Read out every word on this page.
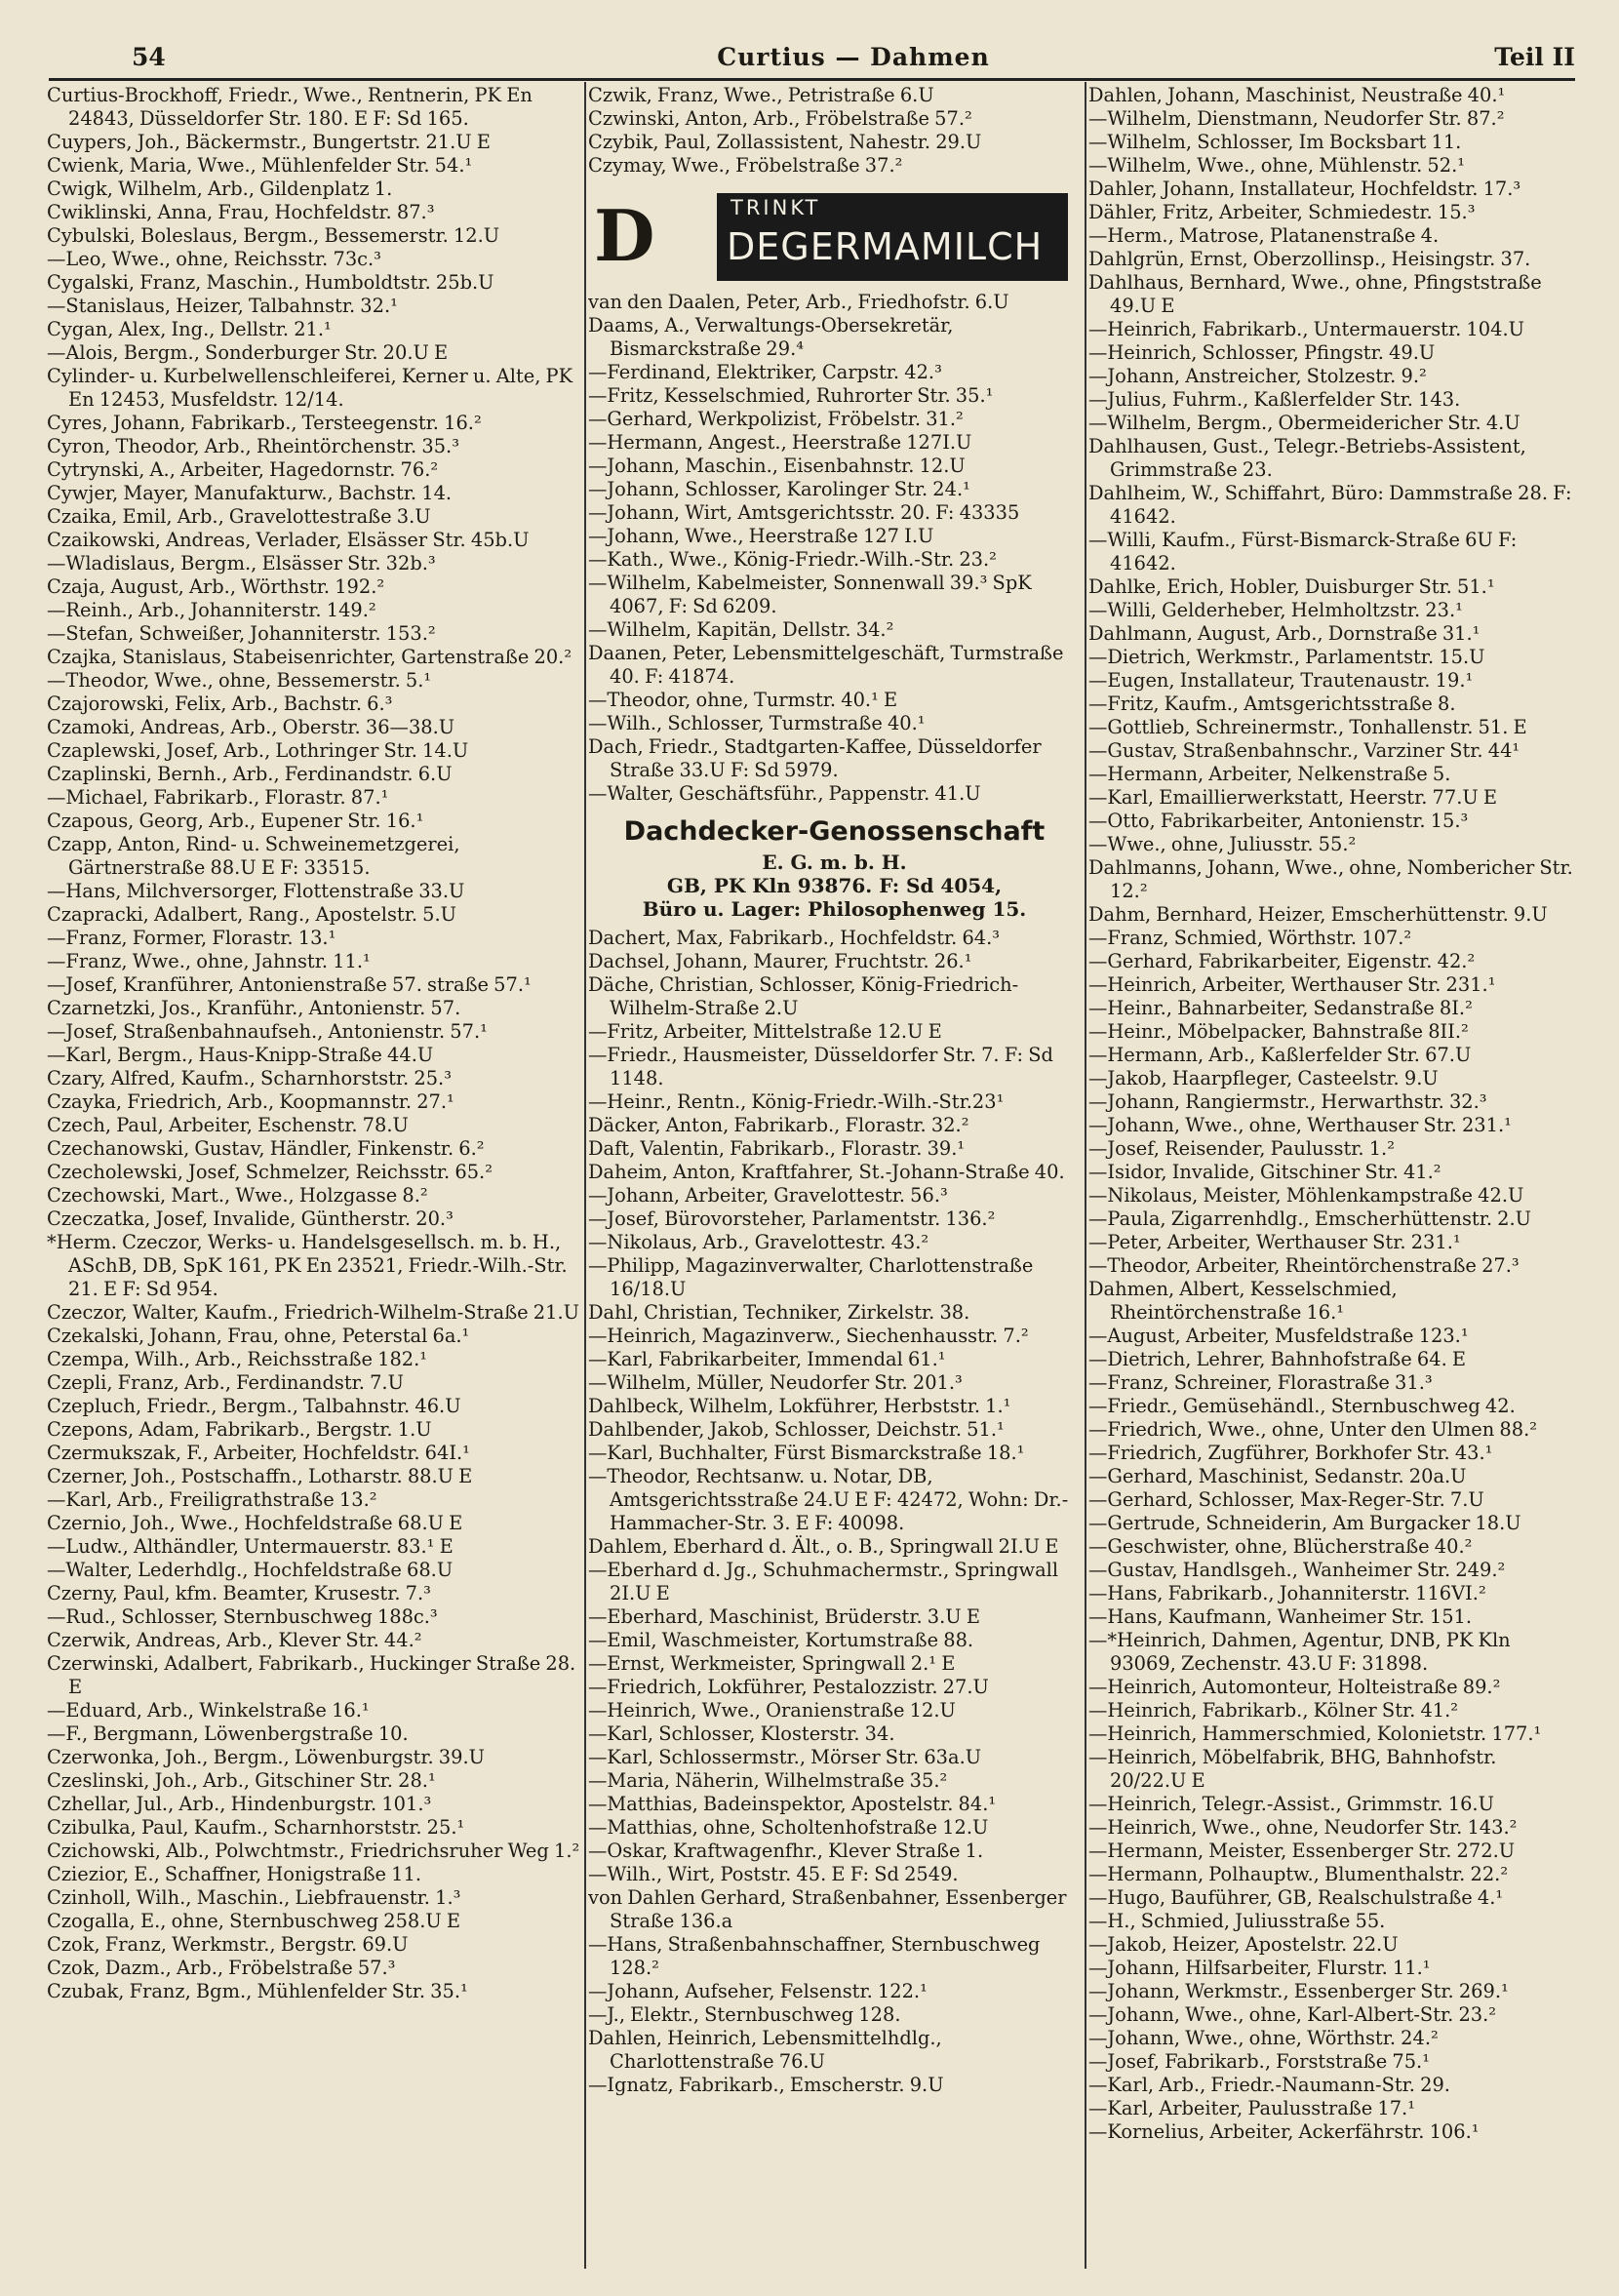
54	Curtius — Dahmen	Teil II
Curtius-Brockhoff, Friedr., Wwe., Rentnerin, PK En 24843, Düsseldorfer Str. 180. E F: Sd 165.
Cuypers, Joh., Bäckermstr., Bungertstr. 21.U E
Cwienk, Maria, Wwe., Mühlenfelder Str. 54.¹
Cwigk, Wilhelm, Arb., Gildenplatz 1.
Cwiklinski, Anna, Frau, Hochfeldstr. 87.³
Cybulski, Boleslaus, Bergm., Bessemerstr. 12.U
—Leo, Wwe., ohne, Reichsstr. 73c.³
Cygalski, Franz, Maschin., Humboldtstr. 25b.U
—Stanislaus, Heizer, Talbahnstr. 32.¹
Cygan, Alex, Ing., Dellstr. 21.¹
—Alois, Bergm., Sonderburger Str. 20.U E
Cylinder- u. Kurbelwellenschleiferei, Kerner u. Alte, PK En 12453, Musfeldstr. 12/14.
Cyres, Johann, Fabrikarb., Tersteegenstr. 16.²
Cyron, Theodor, Arb., Rheintörchenstr. 35.³
Cytrynski, A., Arbeiter, Hagedornstr. 76.²
Cywjer, Mayer, Manufakturw., Bachstr. 14.
Czaika, Emil, Arb., Gravelottestraße 3.U
Czaikowski, Andreas, Verlader, Elsässer Str. 45b.U
—Wladislaus, Bergm., Elsässer Str. 32b.³
Czaja, August, Arb., Wörthstr. 192.²
—Reinh., Arb., Johanniterstr. 149.²
—Stefan, Schweißer, Johanniterstr. 153.²
Czajka, Stanislaus, Stabeisenrichter, Gartenstraße 20.²
—Theodor, Wwe., ohne, Bessemerstr. 5.¹
Czajorowski, Felix, Arb., Bachstr. 6.³
Czamoki, Andreas, Arb., Oberstr. 36—38.U
Czaplewski, Josef, Arb., Lothringer Str. 14.U
Czaplinski, Bernh., Arb., Ferdinandstr. 6.U
—Michael, Fabrikarb., Florastr. 87.¹
Czapous, Georg, Arb., Eupener Str. 16.¹
Czapp, Anton, Rind- u. Schweinemetzgerei, Gärtnerstraße 88.U E F: 33515.
—Hans, Milchversorger, Flottenstraße 33.U
Czapracki, Adalbert, Rang., Apostelstr. 5.U
—Franz, Former, Florastr. 13.¹
—Franz, Wwe., ohne, Jahnstr. 11.¹
—Josef, Kranführer, Antonienstraße 57. straße 57.¹
Czarnetzki, Jos., Kranführ., Antonienstr. 57.
—Josef, Straßenbahnaufseh., Antonienstr. 57.¹
—Karl, Bergm., Haus-Knipp-Straße 44.U
Czary, Alfred, Kaufm., Scharnhorststr. 25.³
Czayka, Friedrich, Arb., Koopmannstr. 27.¹
Czech, Paul, Arbeiter, Eschenstr. 78.U
Czechanowski, Gustav, Händler, Finkenstr. 6.²
Czecholewski, Josef, Schmelzer, Reichsstr. 65.²
Czechowski, Mart., Wwe., Holzgasse 8.²
Czeczatka, Josef, Invalide, Güntherstr. 20.³
*Herm. Czeczor, Werks- u. Handelsgesellsch. m. b. H., ASchB, DB, SpK 161, PK En 23521, Friedr.-Wilh.-Str. 21. E F: Sd 954.
Czeczor, Walter, Kaufm., Friedrich-Wilhelm-Straße 21.U
Czekalski, Johann, Frau, ohne, Peterstal 6a.¹
Czempa, Wilh., Arb., Reichsstraße 182.¹
Czepli, Franz, Arb., Ferdinandstr. 7.U
Czepluch, Friedr., Bergm., Talbahnstr. 46.U
Czepons, Adam, Fabrikarb., Bergstr. 1.U
Czermukszak, F., Arbeiter, Hochfeldstr. 64I.¹
Czerner, Joh., Postschaffn., Lotharstr. 88.U E
—Karl, Arb., Freiligrathstraße 13.²
Czernio, Joh., Wwe., Hochfeldstraße 68.U E
—Ludw., Althändler, Untermauerstr. 83.¹ E
—Walter, Lederhdlg., Hochfeldstraße 68.U
Czerny, Paul, kfm. Beamter, Krusestr. 7.³
—Rud., Schlosser, Sternbuschweg 188c.³
Czerwik, Andreas, Arb., Klever Str. 44.²
Czerwinski, Adalbert, Fabrikarb., Huckinger Straße 28. E
—Eduard, Arb., Winkelstraße 16.¹
—F., Bergmann, Löwenbergstraße 10.
Czerwonka, Joh., Bergm., Löwenburgstr. 39.U
Czeslinski, Joh., Arb., Gitschiner Str. 28.¹
Czhellar, Jul., Arb., Hindenburgstr. 101.³
Czibulka, Paul, Kaufm., Scharnhorststr. 25.¹
Czichowski, Alb., Polwchtmstr., Friedrichsruher Weg 1.²
Cziezior, E., Schaffner, Honigstraße 11.
Czinholl, Wilh., Maschin., Liebfrauenstr. 1.³
Czogalla, E., ohne, Sternbuschweg 258.U E
Czok, Franz, Werkmstr., Bergstr. 69.U
Czok, Dazm., Arb., Fröbelstraße 57.³
Czubak, Franz, Bgm., Mühlenfelder Str. 35.¹
Czwik, Franz, Wwe., Petristraße 6.U
Czwinski, Anton, Arb., Fröbelstraße 57.²
Czybik, Paul, Zollassistent, Nahestr. 29.U
Czymay, Wwe., Fröbelstraße 37.²
D	TRINKT
DEGERMAMILCH
van den Daalen, Peter, Arb., Friedhofstr. 6.U
Daams, A., Verwaltungs-Obersekretär, Bismarckstraße 29.⁴
—Ferdinand, Elektriker, Carpstr. 42.³
—Fritz, Kesselschmied, Ruhrorter Str. 35.¹
—Gerhard, Werkpolizist, Fröbelstr. 31.²
—Hermann, Angest., Heerstraße 127I.U
—Johann, Maschin., Eisenbahnstr. 12.U
—Johann, Schlosser, Karolinger Str. 24.¹
—Johann, Wirt, Amtsgerichtsstr. 20. F: 43335
—Johann, Wwe., Heerstraße 127 I.U
—Kath., Wwe., König-Friedr.-Wilh.-Str. 23.²
—Wilhelm, Kabelmeister, Sonnenwall 39.³ SpK 4067, F: Sd 6209.
—Wilhelm, Kapitän, Dellstr. 34.²
Daanen, Peter, Lebensmittelgeschäft, Turmstraße 40. F: 41874.
—Theodor, ohne, Turmstr. 40.¹ E
—Wilh., Schlosser, Turmstraße 40.¹
Dach, Friedr., Stadtgarten-Kaffee, Düsseldorfer Straße 33.U F: Sd 5979.
—Walter, Geschäftsführ., Pappenstr. 41.U
Dachdecker-Genossenschaft
E. G. m. b. H.
GB, PK Kln 93876. F: Sd 4054,
Büro u. Lager: Philosophenweg 15.
Dachert, Max, Fabrikarb., Hochfeldstr. 64.³
Dachsel, Johann, Maurer, Fruchtstr. 26.¹
Däche, Christian, Schlosser, König-Friedrich-Wilhelm-Straße 2.U
—Fritz, Arbeiter, Mittelstraße 12.U E
—Friedr., Hausmeister, Düsseldorfer Str. 7. F: Sd 1148.
—Heinr., Rentn., König-Friedr.-Wilh.-Str.23¹
Däcker, Anton, Fabrikarb., Florastr. 32.²
Daft, Valentin, Fabrikarb., Florastr. 39.¹
Daheim, Anton, Kraftfahrer, St.-Johann-Straße 40.
—Johann, Arbeiter, Gravelottestr. 56.³
—Josef, Bürovorsteher, Parlamentstr. 136.²
—Nikolaus, Arb., Gravelottestr. 43.²
—Philipp, Magazinverwalter, Charlottenstraße 16/18.U
Dahl, Christian, Techniker, Zirkelstr. 38.
—Heinrich, Magazinverw., Siechenhausstr. 7.²
—Karl, Fabrikarbeiter, Immendal 61.¹
—Wilhelm, Müller, Neudorfer Str. 201.³
Dahlbeck, Wilhelm, Lokführer, Herbststr. 1.¹
Dahlbender, Jakob, Schlosser, Deichstr. 51.¹
—Karl, Buchhalter, Fürst Bismarckstraße 18.¹
—Theodor, Rechtsanw. u. Notar, DB, Amtsgerichtsstraße 24.U E F: 42472, Wohn: Dr.-Hammacher-Str. 3. E F: 40098.
Dahlem, Eberhard d. Ält., o. B., Springwall 2I.U E
—Eberhard d. Jg., Schuhmachermstr., Springwall 2I.U E
—Eberhard, Maschinist, Brüderstr. 3.U E
—Emil, Waschmeister, Kortumstraße 88.
—Ernst, Werkmeister, Springwall 2.¹ E
—Friedrich, Lokführer, Pestalozzistr. 27.U
—Heinrich, Wwe., Oranienstraße 12.U
—Karl, Schlosser, Klosterstr. 34.
—Karl, Schlossermstr., Mörser Str. 63a.U
—Maria, Näherin, Wilhelmstraße 35.²
—Matthias, Badeinspektor, Apostelstr. 84.¹
—Matthias, ohne, Scholtenhofstraße 12.U
—Oskar, Kraftwagenfhr., Klever Straße 1.
—Wilh., Wirt, Poststr. 45. E F: Sd 2549.
von Dahlen Gerhard, Straßenbahner, Essenberger Straße 136.a
—Hans, Straßenbahnschaffner, Sternbuschweg 128.²
—Johann, Aufseher, Felsenstr. 122.¹
—J., Elektr., Sternbuschweg 128.
Dahlen, Heinrich, Lebensmittelhdlg., Charlottenstraße 76.U
—Ignatz, Fabrikarb., Emscherstr. 9.U
Dahlen, Johann, Maschinist, Neustraße 40.¹
—Wilhelm, Dienstmann, Neudorfer Str. 87.²
—Wilhelm, Schlosser, Im Bocksbart 11.
—Wilhelm, Wwe., ohne, Mühlenstr. 52.¹
Dahler, Johann, Installateur, Hochfeldstr. 17.³
Dähler, Fritz, Arbeiter, Schmiedestr. 15.³
—Herm., Matrose, Platanenstraße 4.
Dahlgrün, Ernst, Oberzollinsp., Heisingstr. 37.
Dahlhaus, Bernhard, Wwe., ohne, Pfingststraße 49.U E
—Heinrich, Fabrikarb., Untermauerstr. 104.U
—Heinrich, Schlosser, Pfingstr. 49.U
—Johann, Anstreicher, Stolzestr. 9.²
—Julius, Fuhrm., Kaßlerfelder Str. 143.
—Wilhelm, Bergm., Obermeidericher Str. 4.U
Dahlhausen, Gust., Telegr.-Betriebs-Assistent, Grimmstraße 23.
Dahlheim, W., Schiffahrt, Büro: Dammstraße 28. F: 41642.
—Willi, Kaufm., Fürst-Bismarck-Straße 6U F: 41642.
Dahlke, Erich, Hobler, Duisburger Str. 51.¹
—Willi, Gelderheber, Helmholtzstr. 23.¹
Dahlmann, August, Arb., Dornstraße 31.¹
—Dietrich, Werkmstr., Parlamentstr. 15.U
—Eugen, Installateur, Trautenaustr. 19.¹
—Fritz, Kaufm., Amtsgerichtsstraße 8.
—Gottlieb, Schreinermstr., Tonhallenstr. 51. E
—Gustav, Straßenbahnschr., Varziner Str. 44¹
—Hermann, Arbeiter, Nelkenstraße 5.
—Karl, Emaillierwerkstatt, Heerstr. 77.U E
—Otto, Fabrikarbeiter, Antonienstr. 15.³
—Wwe., ohne, Juliusstr. 55.²
Dahlmanns, Johann, Wwe., ohne, Nombericher Str. 12.²
Dahm, Bernhard, Heizer, Emscherhüttenstr. 9.U
—Franz, Schmied, Wörthstr. 107.²
—Gerhard, Fabrikarbeiter, Eigenstr. 42.²
—Heinrich, Arbeiter, Werthauser Str. 231.¹
—Heinr., Bahnarbeiter, Sedanstraße 8I.²
—Heinr., Möbelpacker, Bahnstraße 8II.²
—Hermann, Arb., Kaßlerfelder Str. 67.U
—Jakob, Haarpfleger, Casteelstr. 9.U
—Johann, Rangiermstr., Herwarthstr. 32.³
—Johann, Wwe., ohne, Werthauser Str. 231.¹
—Josef, Reisender, Paulusstr. 1.²
—Isidor, Invalide, Gitschiner Str. 41.²
—Nikolaus, Meister, Möhlenkampstraße 42.U
—Paula, Zigarrenhdlg., Emscherhüttenstr. 2.U
—Peter, Arbeiter, Werthauser Str. 231.¹
—Theodor, Arbeiter, Rheintörchenstraße 27.³
Dahmen, Albert, Kesselschmied, Rheintörchenstraße 16.¹
—August, Arbeiter, Musfeldstraße 123.¹
—Dietrich, Lehrer, Bahnhofstraße 64. E
—Franz, Schreiner, Florastraße 31.³
—Friedr., Gemüsehändl., Sternbuschweg 42.
—Friedrich, Wwe., ohne, Unter den Ulmen 88.²
—Friedrich, Zugführer, Borkhofer Str. 43.¹
—Gerhard, Maschinist, Sedanstr. 20a.U
—Gerhard, Schlosser, Max-Reger-Str. 7.U
—Gertrude, Schneiderin, Am Burgacker 18.U
—Geschwister, ohne, Blücherstraße 40.²
—Gustav, Handlsgeh., Wanheimer Str. 249.²
—Hans, Fabrikarb., Johanniterstr. 116VI.²
—Hans, Kaufmann, Wanheimer Str. 151.
—*Heinrich, Dahmen, Agentur, DNB, PK Kln 93069, Zechenstr. 43.U F: 31898.
—Heinrich, Automonteur, Holteistraße 89.²
—Heinrich, Fabrikarb., Kölner Str. 41.²
—Heinrich, Hammerschmied, Kolonietstr. 177.¹
—Heinrich, Möbelfabrik, BHG, Bahnhofstr. 20/22.U E
—Heinrich, Telegr.-Assist., Grimmstr. 16.U
—Heinrich, Wwe., ohne, Neudorfer Str. 143.²
—Hermann, Meister, Essenberger Str. 272.U
—Hermann, Polhauptw., Blumenthalstr. 22.²
—Hugo, Bauführer, GB, Realschulstraße 4.¹
—H., Schmied, Juliusstraße 55.
—Jakob, Heizer, Apostelstr. 22.U
—Johann, Hilfsarbeiter, Flurstr. 11.¹
—Johann, Werkmstr., Essenberger Str. 269.¹
—Johann, Wwe., ohne, Karl-Albert-Str. 23.²
—Johann, Wwe., ohne, Wörthstr. 24.²
—Josef, Fabrikarb., Forststraße 75.¹
—Karl, Arb., Friedr.-Naumann-Str. 29.
—Karl, Arbeiter, Paulusstraße 17.¹
—Kornelius, Arbeiter, Ackerfährstr. 106.¹
